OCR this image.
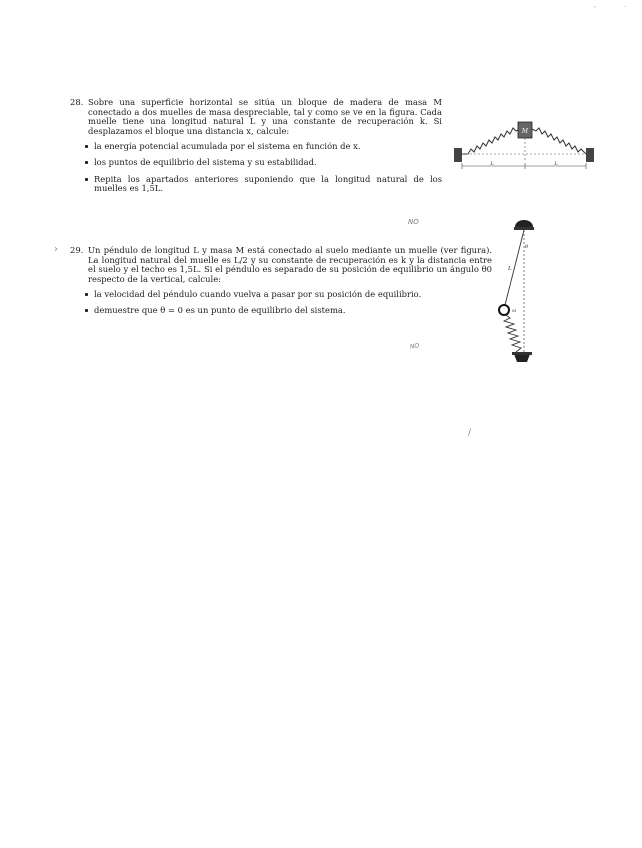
28. Sobre una superficie horizontal se sitúa un bloque de madera de masa M conectado a dos muelles de masa despreciable, tal y como se ve en la figura. Cada muelle tiene una longitud natural L y una constante de recuperación k. Si desplazamos el bloque una distancia x, calcule:
la energía potencial acumulada por el sistema en función de x.
los puntos de equilibrio del sistema y su estabilidad.
Repita los apartados anteriores suponiendo que la longitud natural de los muelles es 1,5L.
M
L	L
NO
29. Un péndulo de longitud L y masa M está conectado al suelo mediante un muelle (ver figura). La longitud natural del muelle es L/2 y su constante de recuperación es k y la distancia entre el suelo y el techo es 1,5L. Si el péndulo es separado de su posición de equilibrio un ángulo θ0 respecto de la vertical, calcule:
la velocidad del péndulo cuando vuelva a pasar por su posición de equilibrio.
demuestre que θ = 0 es un punto de equilibrio del sistema.
L
θ
M
NO
›
/
,	.
